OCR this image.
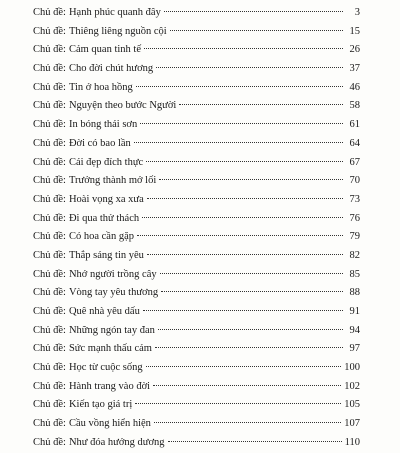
Chủ đề: Hạnh phúc quanh đây	3
Chủ đề: Thiêng liêng nguồn cội	15
Chủ đề: Cảm quan tinh tế	26
Chủ đề: Cho đời chút hương	37
Chủ đề: Tin ở hoa hồng	46
Chủ đề: Nguyện theo bước Người	58
Chủ đề: In bóng thái sơn	61
Chủ đề: Đời có bao lần	64
Chủ đề: Cái đẹp đích thực	67
Chủ đề: Trưởng thành mở lối	70
Chủ đề: Hoài vọng xa xưa	73
Chủ đề: Đi qua thử thách	76
Chủ đề: Có hoa cần gặp	79
Chủ đề: Thắp sáng tin yêu	82
Chủ đề: Nhớ người trồng cây	85
Chủ đề: Vòng tay yêu thương	88
Chủ đề: Quê nhà yêu dấu	91
Chủ đề: Những ngón tay đan	94
Chủ đề: Sức mạnh thấu cảm	97
Chủ đề: Học từ cuộc sống	100
Chủ đề: Hành trang vào đời	102
Chủ đề: Kiến tạo giá trị	105
Chủ đề: Cầu vồng hiển hiện	107
Chủ đề: Như đóa hướng dương	110
